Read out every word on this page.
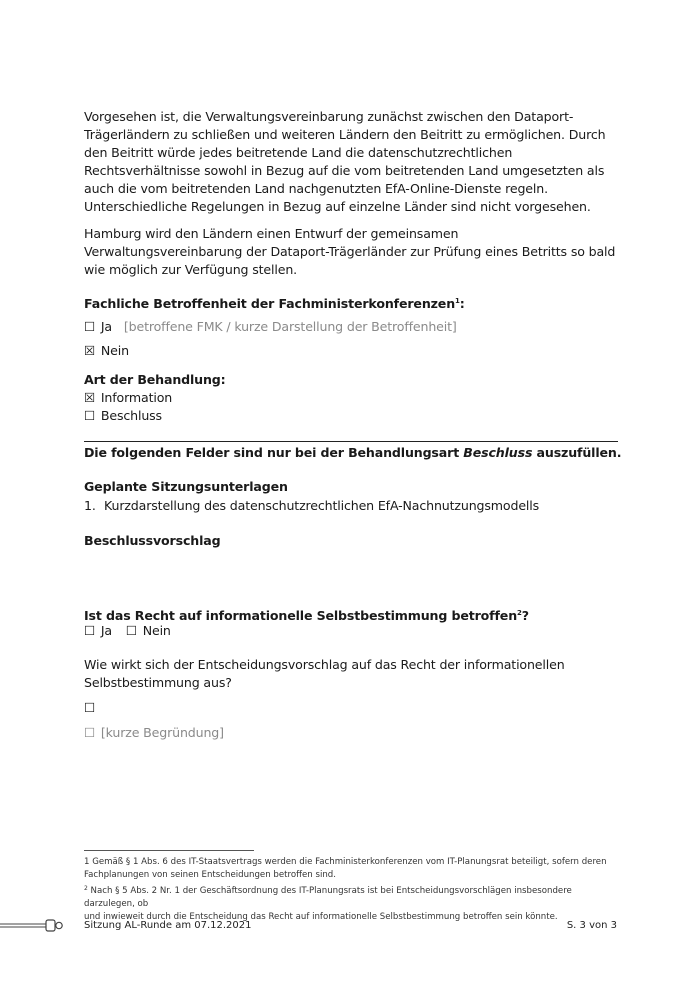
Vorgesehen ist, die Verwaltungsvereinbarung zunächst zwischen den Dataport-Trägerländern zu schließen und weiteren Ländern den Beitritt zu ermöglichen. Durch den Beitritt würde jedes beitretende Land die datenschutzrechtlichen Rechtsverhältnisse sowohl in Bezug auf die vom beitretenden Land umgesetzten als auch die vom beitretenden Land nachgenutzten EfA-Online-Dienste regeln. Unterschiedliche Regelungen in Bezug auf einzelne Länder sind nicht vorgesehen.
Hamburg wird den Ländern einen Entwurf der gemeinsamen Verwaltungsvereinbarung der Dataport-Trägerländer zur Prüfung eines Betritts so bald wie möglich zur Verfügung stellen.
Fachliche Betroffenheit der Fachministerkonferenzen$^1$:
☐ Ja [betroffene FMK / kurze Darstellung der Betroffenheit]
☒ Nein
Art der Behandlung:
☒ Information
☐ Beschluss
Die folgenden Felder sind nur bei der Behandlungsart Beschluss auszufüllen.
Geplante Sitzungsunterlagen
1. Kurzdarstellung des datenschutzrechtlichen EfA-Nachnutzungsmodells
Beschlussvorschlag
Ist das Recht auf informationelle Selbstbestimmung betroffen$^2$?
☐ Ja ☐ Nein
Wie wirkt sich der Entscheidungsvorschlag auf das Recht der informationellen
Selbstbestimmung aus?
☐
☐ [kurze Begründung]
1 Gemäß § 1 Abs. 6 des IT-Staatsvertrags werden die Fachministerkonferenzen vom IT-Planungsrat beteiligt, sofern deren
Fachplanungen von seinen Entscheidungen betroffen sind.
$^2$ Nach § 5 Abs. 2 Nr. 1 der Geschäftsordnung des IT-Planungsrats ist bei Entscheidungsvorschlägen insbesondere darzulegen, ob
und inwieweit durch die Entscheidung das Recht auf informationelle Selbstbestimmung betroffen sein könnte.
Sitzung AL-Runde am 07.12.2021	S. 3 von 3
